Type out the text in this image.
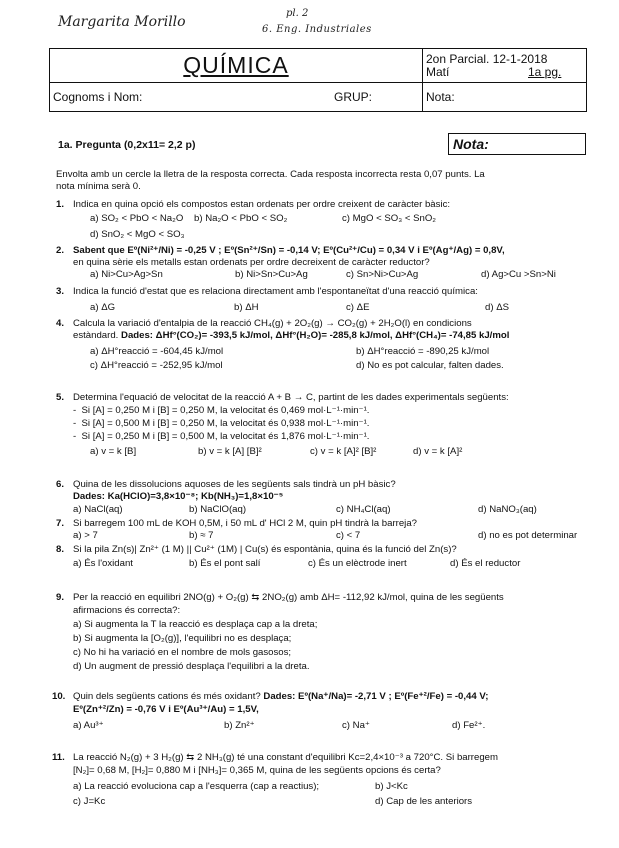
Margarita Morillo
pl. 2
6. Eng. Industriales
QUÍMICA	2on Parcial. 12-1-2018
Matí	1a pg.
Cognoms i Nom:	GRUP:	Nota:
1a. Pregunta (0,2x11= 2,2 p)	Nota:
Envolta amb un cercle la lletra de la resposta correcta. Cada resposta incorrecta resta 0,07 punts. La
nota mínima serà 0.
1. Indica en quina opció els compostos estan ordenats per ordre creixent de caràcter bàsic:
a) SO₂ < PbO < Na₂O b) Na₂O < PbO < SO₂	c) MgO < SO₃ < SnO₂
d) SnO₂ < MgO < SO₃
2. Sabent que Eº(Ni²⁺/Ni) = -0,25 V ; Eº(Sn²⁺/Sn) = -0,14 V; Eº(Cu²⁺/Cu) = 0,34 V i Eº(Ag⁺/Ag) = 0,8V,
en quina sèrie els metalls estan ordenats per ordre decreixent de caràcter reductor?
a) Ni>Cu>Ag>Sn	b) Ni>Sn>Cu>Ag	c) Sn>Ni>Cu>Ag	d) Ag>Cu >Sn>Ni
3. Indica la funció d'estat que es relaciona directament amb l'espontaneïtat d'una reacció química:
a) ΔG	b) ΔH	c) ΔE	d) ΔS
4. Calcula la variació d'entalpia de la reacció CH₄(g) + 2O₂(g) → CO₂(g) + 2H₂O(l) en condicions
estàndard. Dades: ΔHf°(CO₂)= -393,5 kJ/mol, ΔHf°(H₂O)= -285,8 kJ/mol, ΔHf°(CH₄)= -74,85 kJ/mol
a) ΔH°reacció = -604,45 kJ/mol	b) ΔH°reacció = -890,25 kJ/mol
c) ΔH°reacció = -252,95 kJ/mol	d) No es pot calcular, falten dades.
5. Determina l'equació de velocitat de la reacció A + B → C, partint de les dades experimentals següents:
-  Si [A] = 0,250 M i [B] = 0,250 M, la velocitat és 0,469 mol·L⁻¹·min⁻¹.
-  Si [A] = 0,500 M i [B] = 0,250 M, la velocitat és 0,938 mol·L⁻¹·min⁻¹.
-  Si [A] = 0,250 M i [B] = 0,500 M, la velocitat és 1,876 mol·L⁻¹·min⁻¹.
a) v = k [B]	b) v = k [A] [B]²	c) v = k [A]² [B]²	d) v = k [A]²
6. Quina de les dissolucions aquoses de les següents sals tindrà un pH bàsic?
Dades: Ka(HClO)=3,8×10⁻⁸; Kb(NH₃)=1,8×10⁻⁵
a) NaCl(aq)	b) NaClO(aq)	c) NH₄Cl(aq)	d) NaNO₃(aq)
7. Si barregem 100 mL de KOH 0,5M, i 50 mL d' HCl 2 M, quin pH tindrà la barreja?
a) > 7	b) ≈ 7	c) < 7	d) no es pot determinar
8. Si la pila Zn(s)| Zn²⁺ (1 M) || Cu²⁺ (1M) | Cu(s) és espontània, quina és la funció del Zn(s)?
a) És l'oxidant	b) És el pont salí	c) És un elèctrode inert	d) És el reductor
9. Per la reacció en equilibri 2NO(g) + O₂(g) ⇆ 2NO₂(g) amb ΔH= -112,92 kJ/mol, quina de les següents
afirmacions és correcta?:
a) Si augmenta la T la reacció es desplaça cap a la dreta;
b) Si augmenta la [O₂(g)], l'equilibri no es desplaça;
c) No hi ha variació en el nombre de mols gasosos;
d) Un augment de pressió desplaça l'equilibri a la dreta.
10. Quin dels següents cations és més oxidant? Dades: Eº(Na⁺/Na)= -2,71 V ; Eº(Fe⁺²/Fe) = -0,44 V;
Eº(Zn⁺²/Zn) = -0,76 V i Eº(Au³⁺/Au) = 1,5V,
a) Au³⁺	b) Zn²⁺	c) Na⁺	d) Fe²⁺.
11. La reacció N₂(g) + 3 H₂(g) ⇆ 2 NH₃(g) té una constant d'equilibri Kc=2,4×10⁻³ a 720°C. Si barregem
[N₂]= 0,68 M, [H₂]= 0,880 M i [NH₃]= 0,365 M, quina de les següents opcions és certa?
a) La reacció evoluciona cap a l'esquerra (cap a reactius);	b) J<Kc
c) J=Kc	d) Cap de les anteriors
